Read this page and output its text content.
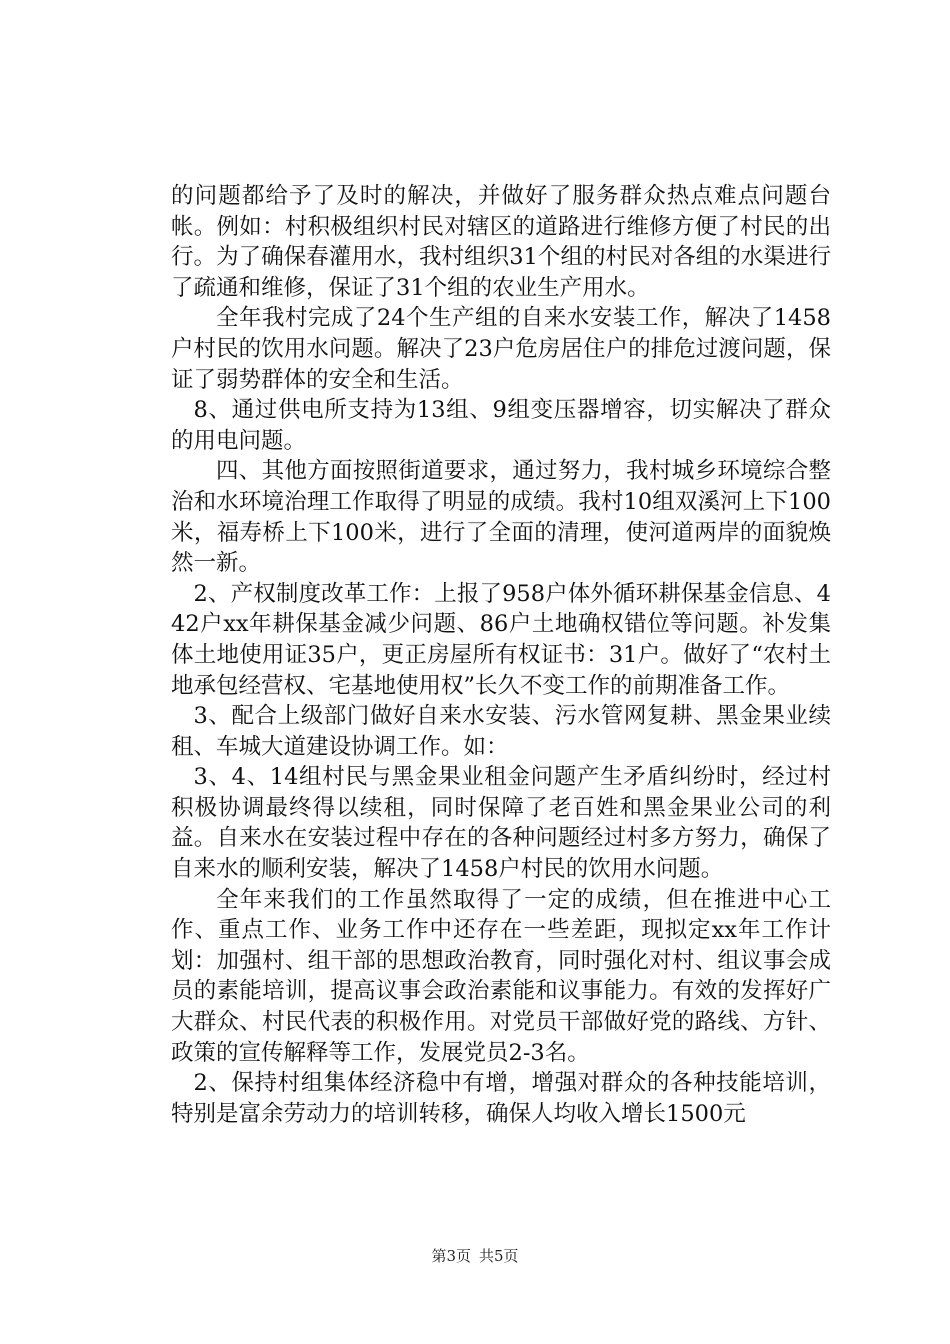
的问题都给予了及时的解决，并做好了服务群众热点难点问题台帐。例如：村积极组织村民对辖区的道路进行维修方便了村民的出行。为了确保春灌用水，我村组织31个组的村民对各组的水渠进行了疏通和维修，保证了31个组的农业生产用水。

全年我村完成了24个生产组的自来水安装工作，解决了1458户村民的饮用水问题。解决了23户危房居住户的排危过渡问题，保证了弱势群体的安全和生活。

8、通过供电所支持为13组、9组变压器增容，切实解决了群众的用电问题。

四、其他方面按照街道要求，通过努力，我村城乡环境综合整治和水环境治理工作取得了明显的成绩。我村10组双溪河上下100米，福寿桥上下100米，进行了全面的清理，使河道两岸的面貌焕然一新。

2、产权制度改革工作：上报了958户体外循环耕保基金信息、442户xx年耕保基金减少问题、86户土地确权错位等问题。补发集体土地使用证35户，更正房屋所有权证书：31户。做好了“农村土地承包经营权、宅基地使用权”长久不变工作的前期准备工作。

3、配合上级部门做好自来水安装、污水管网复耕、黑金果业续租、车城大道建设协调工作。如：

3、4、14组村民与黑金果业租金问题产生矛盾纠纷时，经过村积极协调最终得以续租，同时保障了老百姓和黑金果业公司的利益。自来水在安装过程中存在的各种问题经过村多方努力，确保了自来水的顺利安装，解决了1458户村民的饮用水问题。

全年来我们的工作虽然取得了一定的成绩，但在推进中心工作、重点工作、业务工作中还存在一些差距，现拟定xx年工作计划：加强村、组干部的思想政治教育，同时强化对村、组议事会成员的素能培训，提高议事会政治素能和议事能力。有效的发挥好广大群众、村民代表的积极作用。对党员干部做好党的路线、方针、政策的宣传解释等工作，发展党员2-3名。

2、保持村组集体经济稳中有增，增强对群众的各种技能培训，特别是富余劳动力的培训转移，确保人均收入增长1500元

第3页 共5页
